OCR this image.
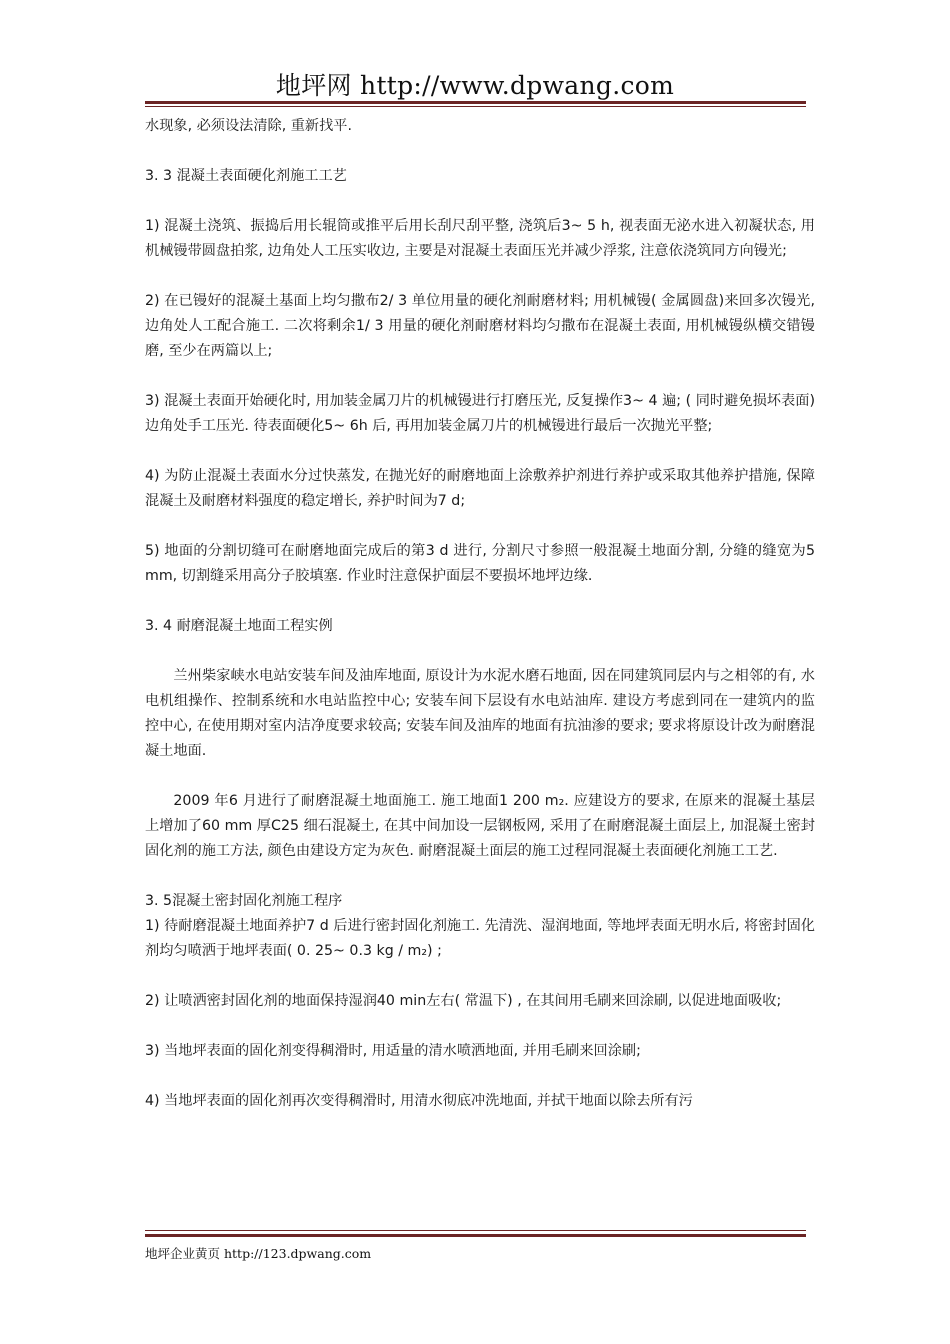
地坪网 http://www.dpwang.com

水现象, 必须设法清除, 重新找平.

3. 3 混凝土表面硬化剂施工工艺

1) 混凝土浇筑、振捣后用长辊筒或推平后用长刮尺刮平整, 浇筑后3~ 5 h, 视表面无泌水进入初凝状态, 用机械镘带圆盘拍浆, 边角处人工压实收边, 主要是对混凝土表面压光并减少浮浆, 注意依浇筑同方向镘光;

2) 在已镘好的混凝土基面上均匀撒布2/ 3 单位用量的硬化剂耐磨材料; 用机械镘( 金属圆盘)来回多次镘光, 边角处人工配合施工. 二次将剩余1/ 3 用量的硬化剂耐磨材料均匀撒布在混凝土表面, 用机械镘纵横交错镘磨, 至少在两篇以上;

3) 混凝土表面开始硬化时, 用加装金属刀片的机械镘进行打磨压光, 反复操作3~ 4 遍; ( 同时避免损坏表面) 边角处手工压光. 待表面硬化5~ 6h 后, 再用加装金属刀片的机械镘进行最后一次抛光平整;

4) 为防止混凝土表面水分过快蒸发, 在抛光好的耐磨地面上涂敷养护剂进行养护或采取其他养护措施, 保障混凝土及耐磨材料强度的稳定增长, 养护时间为7 d;

5) 地面的分割切缝可在耐磨地面完成后的第3 d 进行, 分割尺寸参照一般混凝土地面分割, 分缝的缝宽为5 mm, 切割缝采用高分子胶填塞. 作业时注意保护面层不要损坏地坪边缘.

3. 4 耐磨混凝土地面工程实例

兰州柴家峡水电站安装车间及油库地面, 原设计为水泥水磨石地面, 因在同建筑同层内与之相邻的有, 水电机组操作、控制系统和水电站监控中心; 安装车间下层设有水电站油库. 建设方考虑到同在一建筑内的监控中心, 在使用期对室内洁净度要求较高; 安装车间及油库的地面有抗油渗的要求; 要求将原设计改为耐磨混凝土地面.

2009 年6 月进行了耐磨混凝土地面施工. 施工地面1 200 m₂. 应建设方的要求, 在原来的混凝土基层上增加了60 mm 厚C25 细石混凝土, 在其中间加设一层钢板网, 采用了在耐磨混凝土面层上, 加混凝土密封固化剂的施工方法, 颜色由建设方定为灰色. 耐磨混凝土面层的施工过程同混凝土表面硬化剂施工工艺.

3. 5混凝土密封固化剂施工程序

1) 待耐磨混凝土地面养护7 d 后进行密封固化剂施工. 先清洗、湿润地面, 等地坪表面无明水后, 将密封固化剂均匀喷洒于地坪表面( 0. 25~ 0.3 kg / m₂) ;

2) 让喷洒密封固化剂的地面保持湿润40 min左右( 常温下) , 在其间用毛刷来回涂刷, 以促进地面吸收;

3) 当地坪表面的固化剂变得稠滑时, 用适量的清水喷洒地面, 并用毛刷来回涂刷;

4) 当地坪表面的固化剂再次变得稠滑时, 用清水彻底冲洗地面, 并拭干地面以除去所有污

地坪企业黄页 http://123.dpwang.com
